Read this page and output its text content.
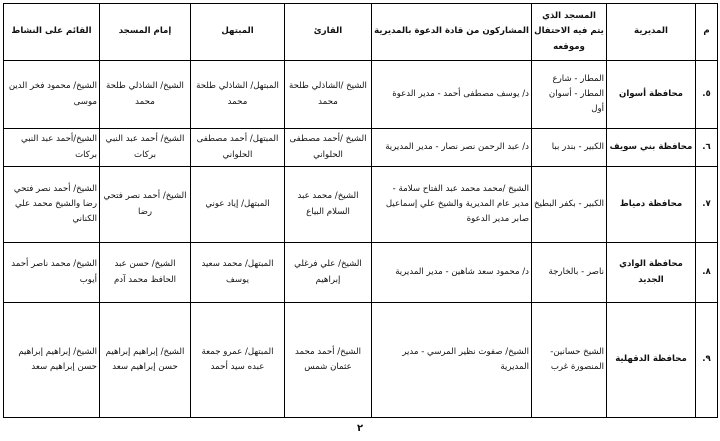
م	المديرية	المسجد الذي يتم فيه الاحتفال وموقعه	المشاركون من قادة الدعوة بالمديرية	القارئ	المبتهل	إمام المسجد	القائم على النشاط
٥.	محافظة أسوان	المطار - شارع المطار - أسوان أول	د/ يوسف مصطفى أحمد - مدير الدعوة	الشيخ /الشاذلي طلحة محمد	المبتهل/ الشاذلي طلحة محمد	الشيخ/ الشاذلي طلحة محمد	الشيخ/ محمود فخر الدين موسى
٦.	محافظة بني سويف	الكبير - بندر ببا	د/ عبد الرحمن نصر نصار - مدير المديرية	الشيخ /أحمد مصطفى الحلواني	المبتهل/ أحمد مصطفى الحلواني	الشيخ/ أحمد عبد النبي بركات	الشيخ/أحمد عبد النبي بركات
٧.	محافظة دمياط	الكبير - بكفر البطيخ	الشيخ /محمد محمد عبد الفتاح سلامة - مدير عام المديرية والشيخ علي إسماعيل صابر مدير الدعوة	الشيخ/ محمد عبد السلام البياع	المبتهل/ إياد عوني	الشيخ/ أحمد نصر فتحي رضا	الشيخ/ أحمد نصر فتحي رضا والشيخ محمد علي الكناني
٨.	محافظة الوادي الجديد	ناصر - بالخارجة	د/ محمود سعد شاهين - مدير المديرية	الشيخ/ علي فرغلي إبراهيم	المبتهل/ محمد سعيد يوسف	الشيخ/ حسن عبد الحافظ محمد آدم	الشيخ/ محمد ناصر أحمد أيوب
٩.	محافظة الدقهلية	الشيخ حسانين- المنصورة غرب	الشيخ/ صفوت نظير المرسي - مدير المديرية	الشيخ/ أحمد محمد عثمان شمس	المبتهل/ عمرو جمعة عبده سيد أحمد	الشيخ/ إبراهيم إبراهيم حسن إبراهيم سعد	الشيخ/ إبراهيم إبراهيم حسن إبراهيم سعد
٢
